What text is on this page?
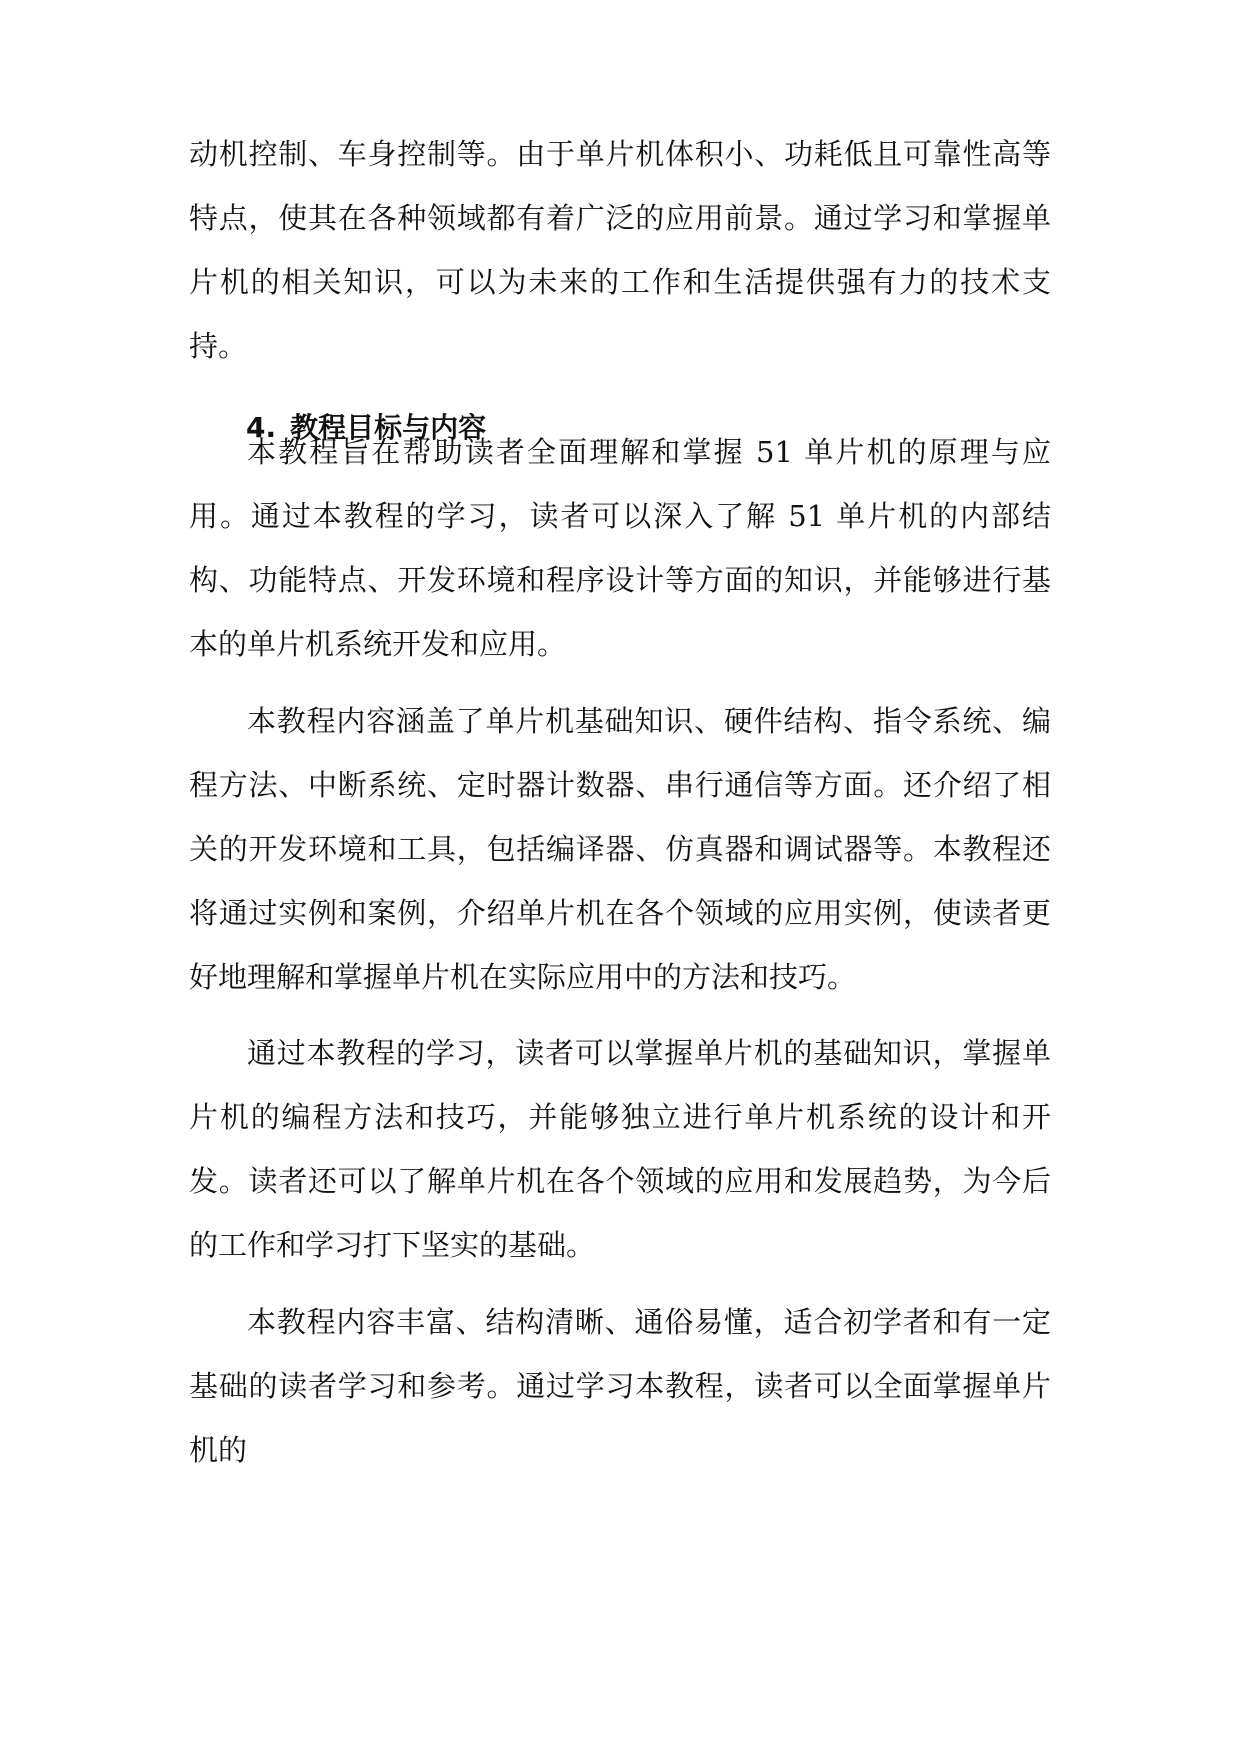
动机控制、车身控制等。由于单片机体积小、功耗低且可靠性高等特点，使其在各种领域都有着广泛的应用前景。通过学习和掌握单片机的相关知识，可以为未来的工作和生活提供强有力的技术支持。

4. 教程目标与内容

本教程旨在帮助读者全面理解和掌握 51 单片机的原理与应用。通过本教程的学习，读者可以深入了解 51 单片机的内部结构、功能特点、开发环境和程序设计等方面的知识，并能够进行基本的单片机系统开发和应用。

本教程内容涵盖了单片机基础知识、硬件结构、指令系统、编程方法、中断系统、定时器计数器、串行通信等方面。还介绍了相关的开发环境和工具，包括编译器、仿真器和调试器等。本教程还将通过实例和案例，介绍单片机在各个领域的应用实例，使读者更好地理解和掌握单片机在实际应用中的方法和技巧。

通过本教程的学习，读者可以掌握单片机的基础知识，掌握单片机的编程方法和技巧，并能够独立进行单片机系统的设计和开发。读者还可以了解单片机在各个领域的应用和发展趋势，为今后的工作和学习打下坚实的基础。

本教程内容丰富、结构清晰、通俗易懂，适合初学者和有一定基础的读者学习和参考。通过学习本教程，读者可以全面掌握单片机的
